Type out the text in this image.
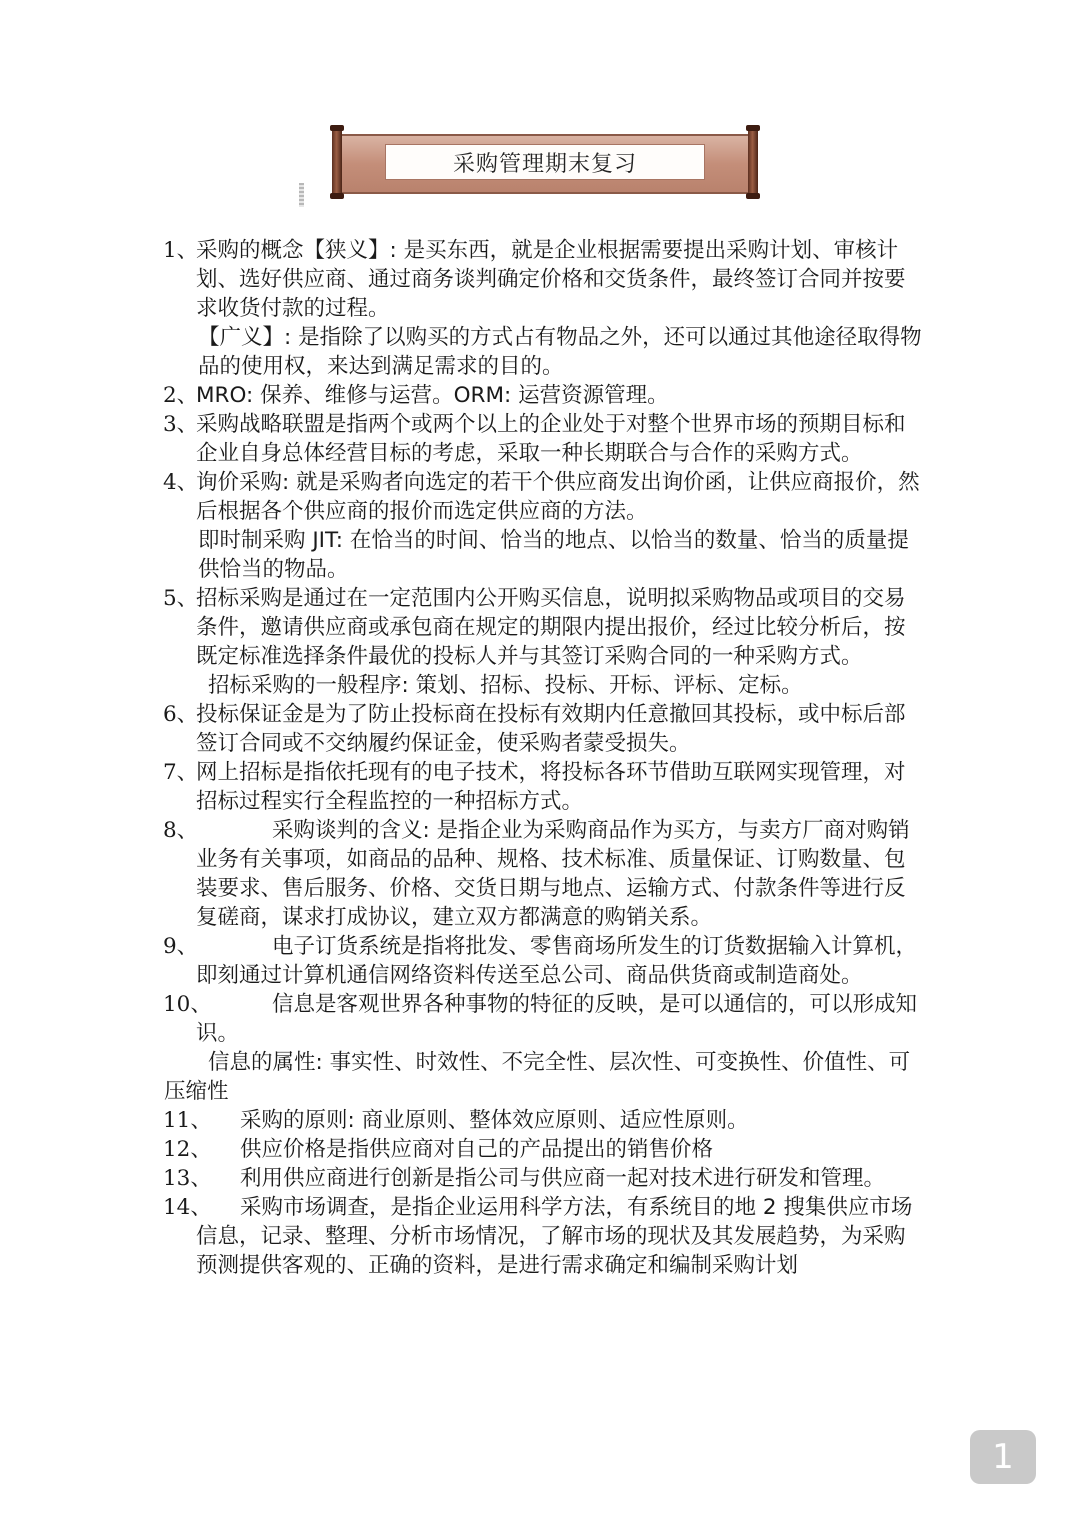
采购管理期末复习
1、
采购的概念【狭义】: 是买东西，就是企业根据需要提出采购计划、审核计划、选好供应商、通过商务谈判确定价格和交货条件，最终签订合同并按要求收货付款的过程。
【广义】: 是指除了以购买的方式占有物品之外，还可以通过其他途径取得物品的使用权，来达到满足需求的目的。
2、
MRO: 保养、维修与运营。ORM: 运营资源管理。
3、
采购战略联盟是指两个或两个以上的企业处于对整个世界市场的预期目标和企业自身总体经营目标的考虑，采取一种长期联合与合作的采购方式。
4、
询价采购: 就是采购者向选定的若干个供应商发出询价函，让供应商报价，然后根据各个供应商的报价而选定供应商的方法。
即时制采购 JIT: 在恰当的时间、恰当的地点、以恰当的数量、恰当的质量提供恰当的物品。
5、
招标采购是通过在一定范围内公开购买信息，说明拟采购物品或项目的交易条件，邀请供应商或承包商在规定的期限内提出报价，经过比较分析后，按既定标准选择条件最优的投标人并与其签订采购合同的一种采购方式。
招标采购的一般程序: 策划、招标、投标、开标、评标、定标。
6、
投标保证金是为了防止投标商在投标有效期内任意撤回其投标，或中标后部签订合同或不交纳履约保证金，使采购者蒙受损失。
7、
网上招标是指依托现有的电子技术，将投标各环节借助互联网实现管理，对招标过程实行全程监控的一种招标方式。
8、	采购谈判的含义: 是指企业为采购商品作为买方，与卖方厂商对购销业务有关事项，如商品的品种、规格、技术标准、质量保证、订购数量、包装要求、售后服务、价格、交货日期与地点、运输方式、付款条件等进行反复磋商，谋求打成协议，建立双方都满意的购销关系。
9、	电子订货系统是指将批发、零售商场所发生的订货数据输入计算机，即刻通过计算机通信网络资料传送至总公司、商品供货商或制造商处。
10、	信息是客观世界各种事物的特征的反映，是可以通信的，可以形成知识。
信息的属性: 事实性、时效性、不完全性、层次性、可变换性、价值性、可压缩性
11、 采购的原则: 商业原则、整体效应原则、适应性原则。
12、 供应价格是指供应商对自己的产品提出的销售价格
13、 利用供应商进行创新是指公司与供应商一起对技术进行研发和管理。
14、 采购市场调查，是指企业运用科学方法，有系统目的地 2 搜集供应市场信息，记录、整理、分析市场情况，了解市场的现状及其发展趋势，为采购预测提供客观的、正确的资料，是进行需求确定和编制采购计划
1
